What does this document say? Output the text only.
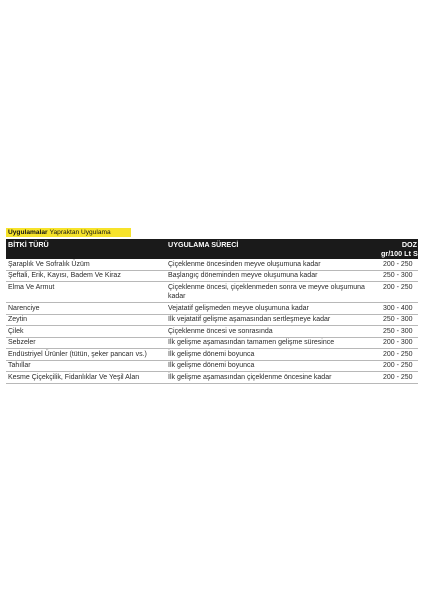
Uygulamalar Yapraktan Uygulama
BİTKİ TÜRÜ	UYGULAMA SÜRECİ	DOZ
gr/100 Lt Su
Şaraplık Ve Sofralık Üzüm	Çiçeklenme öncesinden meyve oluşumuna kadar	200 - 250
Şeftali, Erik, Kayısı, Badem Ve Kiraz	Başlangıç döneminden meyve oluşumuna kadar	250 - 300
Elma Ve Armut	Çiçeklenme öncesi, çiçeklenmeden sonra ve meyve oluşumuna kadar	200 - 250
Narenciye	Vejatatif gelişmeden meyve oluşumuna kadar	300 - 400
Zeytin	İlk vejatatif gelişme aşamasından sertleşmeye kadar	250 - 300
Çilek	Çiçeklenme öncesi ve sonrasında	250 - 300
Sebzeler	İlk gelişme aşamasından tamamen gelişme süresince	200 - 300
Endüstriyel Ürünler (tütün, şeker pancarı vs.)	İlk gelişme dönemi boyunca	200 - 250
Tahıllar	İlk gelişme dönemi boyunca	200 - 250
Kesme Çiçekçilik, Fidanlıklar Ve Yeşil Alan	İlk gelişme aşamasından çiçeklenme öncesine kadar	200 - 250
